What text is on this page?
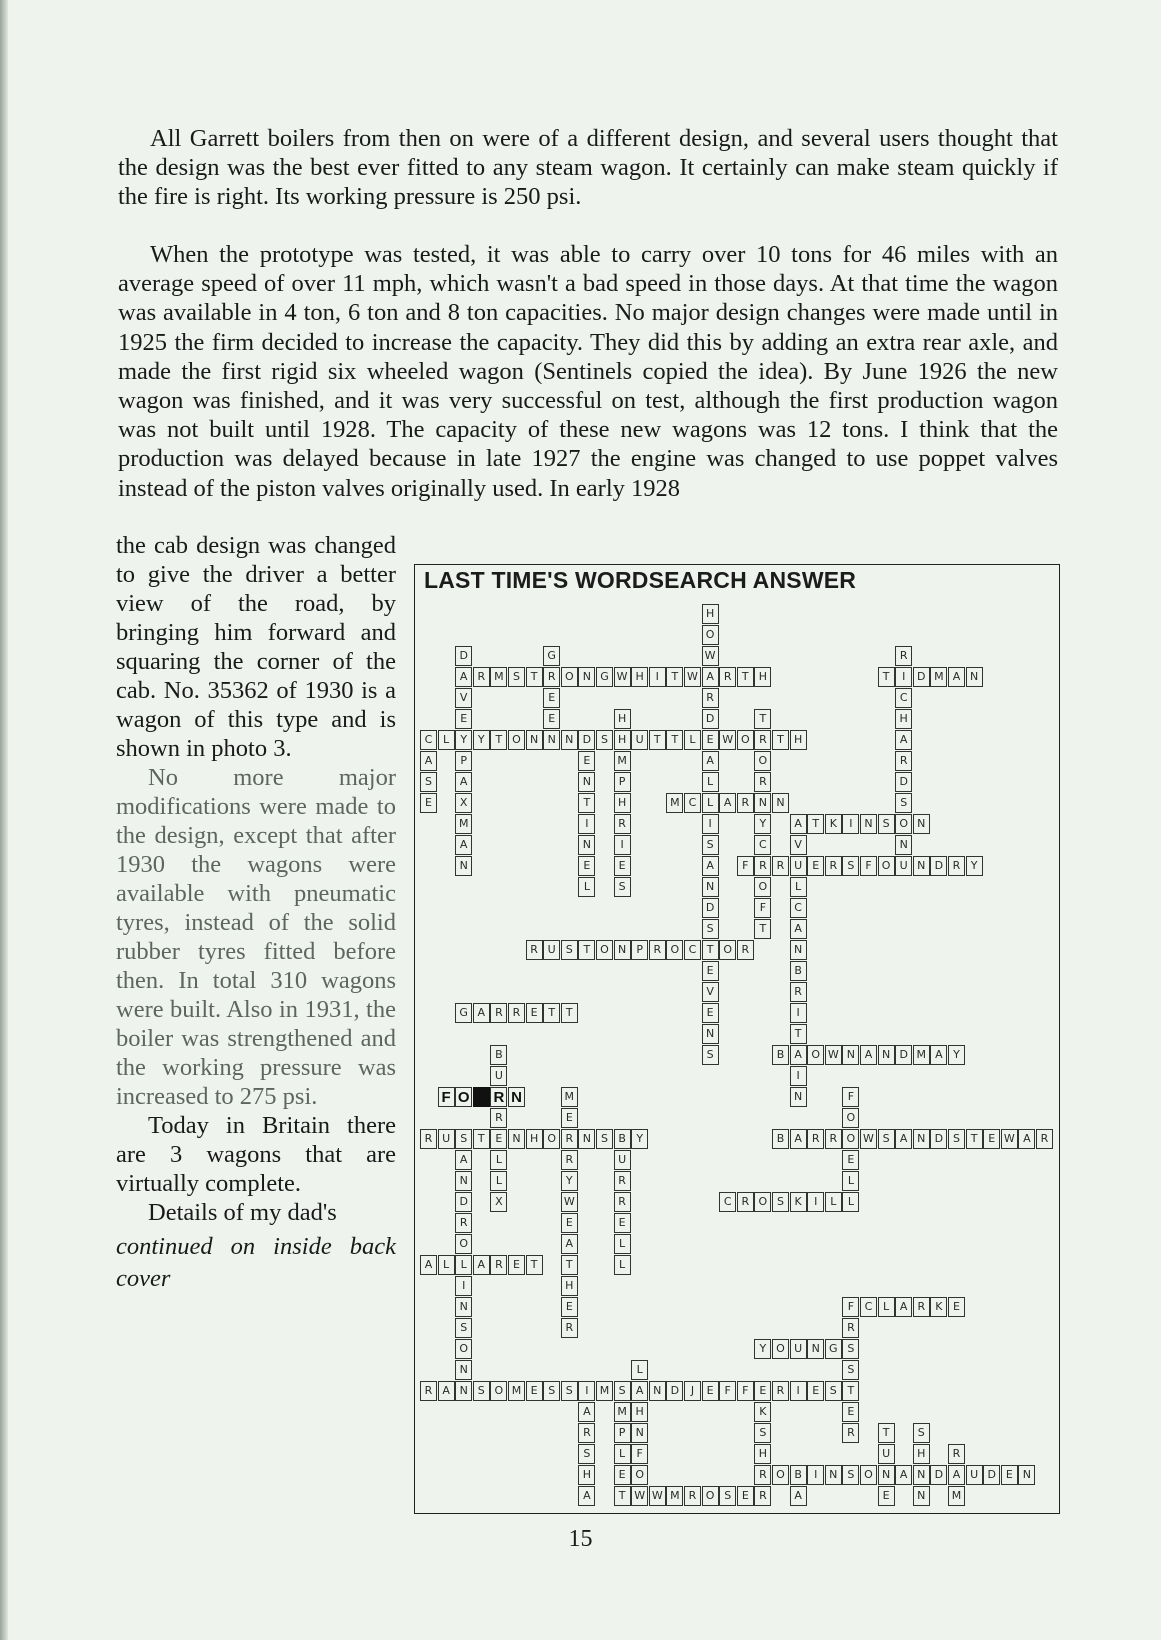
All Garrett boilers from then on were of a different design, and several users thought that the design was the best ever fitted to any steam wagon. It certainly can make steam quickly if the fire is right. Its working pressure is 250 psi.

When the prototype was tested, it was able to carry over 10 tons for 46 miles with an average speed of over 11 mph, which wasn't a bad speed in those days. At that time the wagon was available in 4 ton, 6 ton and 8 ton capacities. No major design changes were made until in 1925 the firm decided to increase the capacity. They did this by adding an extra rear axle, and made the first rigid six wheeled wagon (Sentinels copied the idea). By June 1926 the new wagon was finished, and it was very successful on test, although the first production wagon was not built until 1928. The capacity of these new wagons was 12 tons. I think that the production was delayed because in late 1927 the engine was changed to use poppet valves instead of the piston valves originally used. In early 1928

the cab design was changed to give the driver a better view of the road, by bringing him forward and squaring the corner of the cab. No. 35362 of 1930 is a wagon of this type and is shown in photo 3.

No more major modifications were made to the design, except that after 1930 the wagons were available with pneumatic tyres, instead of the solid rubber tyres fitted before then. In total 310 wagons were built. Also in 1931, the boiler was strengthened and the working pressure was increased to 275 psi.

Today in Britain there are 3 wagons that are virtually complete.

Details of my dad's

continued on inside back cover

LAST TIME'S WORDSEARCH ANSWER
H
O
W
A
R
D
A R M S T R O N G W H	I	T W	R T H
D
V
E
Y
G
E
E
N
R
I
C
H
A
R
D
S
O
N
T	D M A N
C L	Y T O N	N D S H U T T	L	E W O R T H
A
S
E
P
A
X
M
A
N
E
N
T
I
N
E
L
H
M
P
H
R
I
E
S
A
L
L
I
S
A
N
D
S
T
E
V
E
N
S
T
O
R
N
Y
C
R
O
F
T
M C	A R	N
A T K	I	N S	N
V
U
L
C
A
N
B
R
I
T
A
I
N
F	R	E R S F O U N D R Y
R U S T O N P R O C	O R
G A R R E T T
B
U
R
R
E
L
L
F O	N
B	O W N A N D M A Y
R U S T	N H O R N S B Y
M
E
R
Y
W
E
A
T
H
E
R
U
R
R
E
L
L
X
A
N
D
R
O
L
I
N
S
O
N
B A R R O W S A N D S T E W A R
F
O
E
L
L
C R O S K	I	L
A L	A R E T
F C L A R K E
Y O U N G S
R
S
T
E
R
R A N S O M E S S	I	M S A N D	J	E F	F E R	I	E S
A
R
S
H
A
M
P
L
E
T
L
H
N
F
O
W
R O B	I	N S O N A N D A U D E N
W M R O S E
K
S
H
R
T
U
E
S
H
N
R
M
A

15
